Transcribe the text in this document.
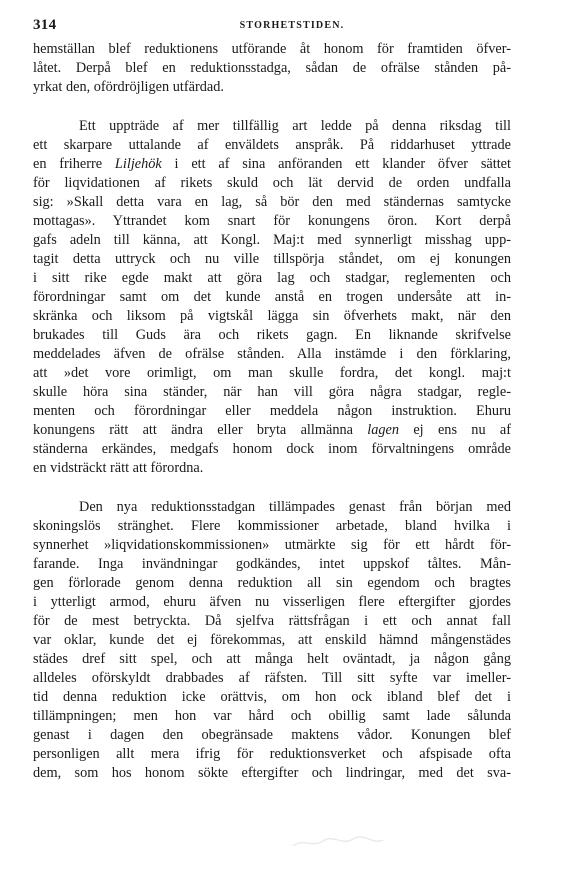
314	STORHETSTIDEN.
hemställan blef reduktionens utförande åt honom för framtiden öfver-
låtet. Derpå blef en reduktionsstadga, sådan de ofrälse stånden på-
yrkat den, ofördröjligen utfärdad.
Ett uppträde af mer tillfällig art ledde på denna riksdag till
ett skarpare uttalande af enväldets anspråk. På riddarhuset yttrade
en friherre Liljehök i ett af sina anföranden ett klander öfver sättet
för liqvidationen af rikets skuld och lät dervid de orden undfalla
sig: »Skall detta vara en lag, så bör den med ständernas samtycke
mottagas». Yttrandet kom snart för konungens öron. Kort derpå
gafs adeln till känna, att Kongl. Maj:t med synnerligt misshag upp-
tagit detta uttryck och nu ville tillspörja ståndet, om ej konungen
i sitt rike egde makt att göra lag och stadgar, reglementen och
förordningar samt om det kunde anstå en trogen undersåte att in-
skränka och liksom på vigtskål lägga sin öfverhets makt, när den
brukades till Guds ära och rikets gagn. En liknande skrifvelse
meddelades äfven de ofrälse stånden. Alla instämde i den förklaring,
att »det vore orimligt, om man skulle fordra, det kongl. maj:t
skulle höra sina ständer, när han vill göra några stadgar, regle-
menten och förordningar eller meddela någon instruktion. Ehuru
konungens rätt att ändra eller bryta allmänna lagen ej ens nu af
ständerna erkändes, medgafs honom dock inom förvaltningens område
en vidsträckt rätt att förordna.
Den nya reduktionsstadgan tillämpades genast från början med
skoningslös stränghet. Flere kommissioner arbetade, bland hvilka i
synnerhet »liqvidationskommissionen» utmärkte sig för ett hårdt för-
farande. Inga invändningar godkändes, intet uppskof tåltes. Mån-
gen förlorade genom denna reduktion all sin egendom och bragtes
i ytterligt armod, ehuru äfven nu visserligen flere eftergifter gjordes
för de mest betryckta. Då sjelfva rättsfrågan i ett och annat fall
var oklar, kunde det ej förekommas, att enskild hämnd mångenstädes
städes dref sitt spel, och att många helt oväntadt, ja någon gång
alldeles oförskyldt drabbades af räfsten. Till sitt syfte var imeller-
tid denna reduktion icke orättvis, om hon ock ibland blef det i
tillämpningen; men hon var hård och obillig samt lade sålunda
genast i dagen den obegränsade maktens vådor. Konungen blef
personligen allt mera ifrig för reduktionsverket och afspisade ofta
dem, som hos honom sökte eftergifter och lindringar, med det sva-
